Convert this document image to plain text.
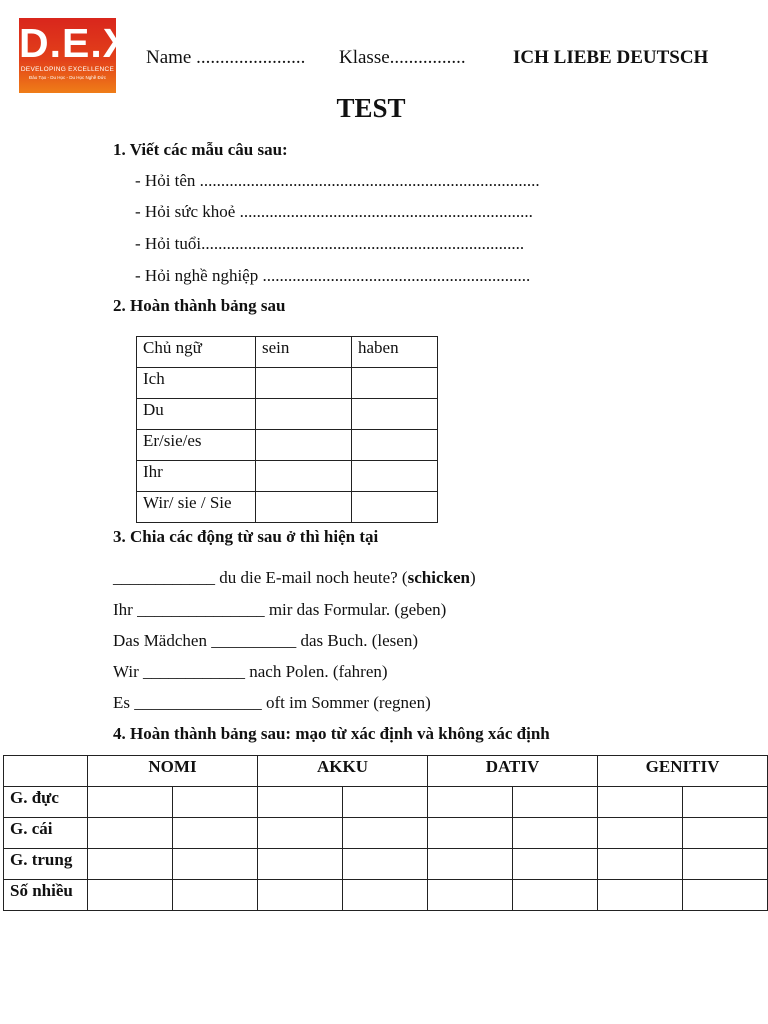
D.E.X
DEVELOPING EXCELLENCE
Đào Tạo - Du Học - Du Học Nghề Đức
Name ....................... Klasse................ ICH LIEBE DEUTSCH
TEST
1. Viết các mẫu câu sau:
- Hỏi tên ................................................................................
- Hỏi sức khoẻ .....................................................................
- Hỏi tuổi............................................................................
- Hỏi nghề nghiệp ...............................................................
2. Hoàn thành bảng sau
Chủ ngữ	sein	haben
Ich		
Du		
Er/sie/es		
Ihr		
Wir/ sie / Sie		
3. Chia các động từ sau ở thì hiện tại
____________ du die E-mail noch heute? (schicken)
Ihr _______________ mir das Formular. (geben)
Das Mädchen __________ das Buch. (lesen)
Wir ____________ nach Polen. (fahren)
Es _______________ oft im Sommer (regnen)
4. Hoàn thành bảng sau: mạo từ xác định và không xác định
	NOMI		AKKU		DATIV		GENITIV	
G. đực								
G. cái								
G. trung								
Số nhiều								
